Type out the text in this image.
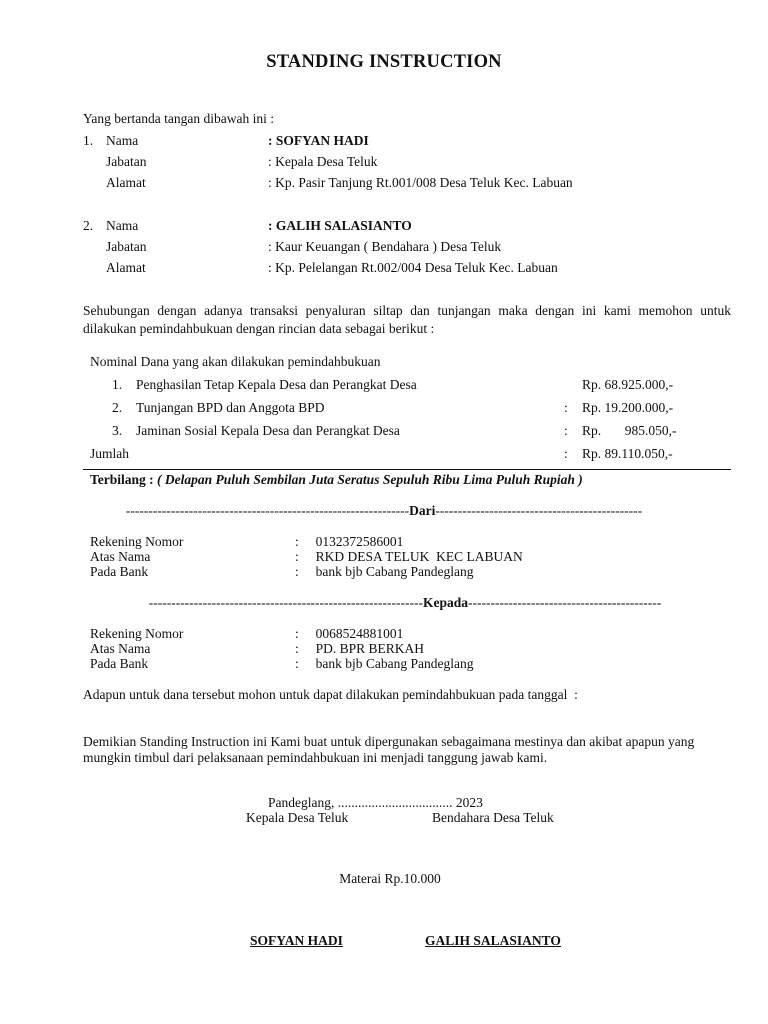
STANDING INSTRUCTION
Yang bertanda tangan dibawah ini :
1. Nama	: SOFYAN HADI
Jabatan	: Kepala Desa Teluk
Alamat	: Kp. Pasir Tanjung Rt.001/008 Desa Teluk Kec. Labuan
2. Nama	: GALIH SALASIANTO
Jabatan	: Kaur Keuangan ( Bendahara ) Desa Teluk
Alamat	: Kp. Pelelangan Rt.002/004 Desa Teluk Kec. Labuan
Sehubungan dengan adanya transaksi penyaluran siltap dan tunjangan maka dengan ini kami memohon untuk dilakukan pemindahbukuan dengan rincian data sebagai berikut :
Nominal Dana yang akan dilakukan pemindahbukuan
1. Penghasilan Tetap Kepala Desa dan Perangkat Desa	Rp. 68.925.000,-
2. Tunjangan BPD dan Anggota BPD	: Rp. 19.200.000,-
3. Jaminan Sosial Kepala Desa dan Perangkat Desa	: Rp.       985.050,-
Jumlah	: Rp. 89.110.050,-
Terbilang : ( Delapan Puluh Sembilan Juta Seratus Sepuluh Ribu Lima Puluh Rupiah )
---------------------------------------------------------------Dari----------------------------------------------
Rekening Nomor	:     0132372586001
Atas Nama	:     RKD DESA TELUK  KEC LABUAN
Pada Bank	:     bank bjb Cabang Pandeglang
-------------------------------------------------------------Kepada-------------------------------------------
Rekening Nomor	:     0068524881001
Atas Nama	:     PD. BPR BERKAH
Pada Bank	:     bank bjb Cabang Pandeglang
Adapun untuk dana tersebut mohon untuk dapat dilakukan pemindahbukuan pada tanggal  :
Demikian Standing Instruction ini Kami buat untuk dipergunakan sebagaimana mestinya dan akibat apapun yang mungkin timbul dari pelaksanaan pemindahbukuan ini menjadi tanggung jawab kami.
Pandeglang, .................................. 2023
Kepala Desa Teluk	Bendahara Desa Teluk
Materai Rp.10.000
SOFYAN HADI	GALIH SALASIANTO
